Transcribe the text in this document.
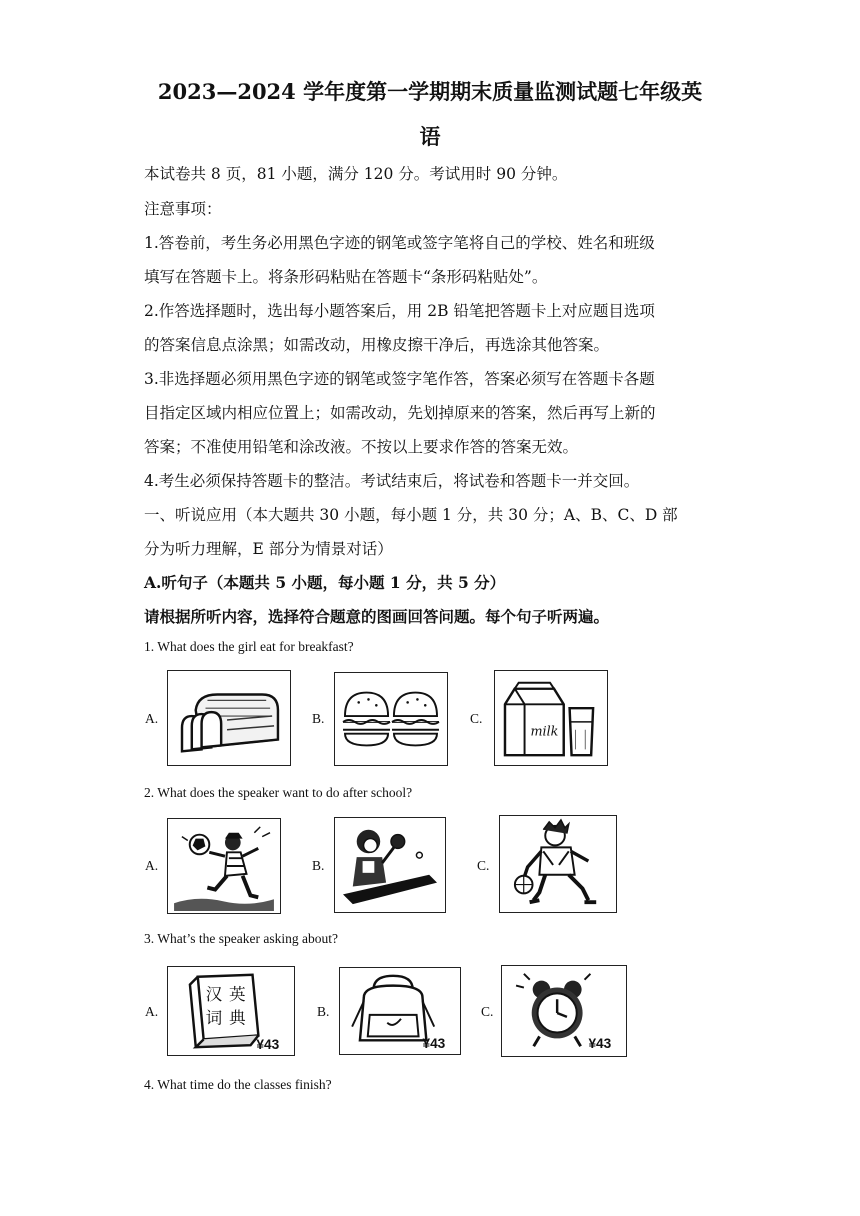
2023—2024 学年度第一学期期末质量监测试题七年级英
语
本试卷共 8 页，81 小题，满分 120 分。考试用时 90 分钟。
注意事项：
1.答卷前，考生务必用黑色字迹的钢笔或签字笔将自己的学校、姓名和班级
填写在答题卡上。将条形码粘贴在答题卡“条形码粘贴处”。
2.作答选择题时，选出每小题答案后，用 2B 铅笔把答题卡上对应题目选项
的答案信息点涂黑；如需改动，用橡皮擦干净后，再选涂其他答案。
3.非选择题必须用黑色字迹的钢笔或签字笔作答，答案必须写在答题卡各题
目指定区域内相应位置上；如需改动，先划掉原来的答案，然后再写上新的
答案；不准使用铅笔和涂改液。不按以上要求作答的答案无效。
4.考生必须保持答题卡的整洁。考试结束后，将试卷和答题卡一并交回。
一、听说应用（本大题共 30 小题，每小题 1 分，共 30 分；A、B、C、D 部
分为听力理解，E 部分为情景对话）
A.听句子（本题共 5 小题，每小题 1 分，共 5 分）
请根据所听内容，选择符合题意的图画回答问题。每个句子听两遍。
1. What does the girl eat for breakfast?
A.	B.	C.
milk
2. What does the speaker want to do after school?
A.	B.	C.
3. What’s the speaker asking about?
A.
汉 英
词 典
¥43
B.
¥43
C.
¥43
4. What time do the classes finish?
